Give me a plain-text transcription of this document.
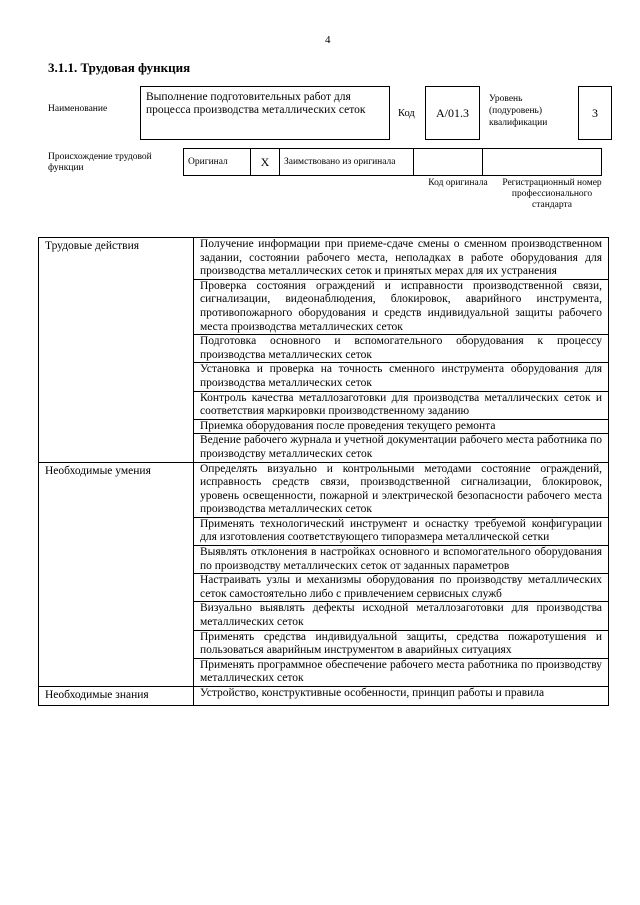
4
3.1.1. Трудовая функция
Наименование
Выполнение подготовительных работ для процесса производства металлических сеток	Код	А/01.3
Уровень (подуровень) квалификации
3
Происхождение трудовой функции
Оригинал	X	Заимствовано из оригинала		
Код оригинала	Регистрационный номер профессионального стандарта
Трудовые действия	Получение информации при приеме-сдаче смены о сменном производственном задании, состоянии рабочего места, неполадках в работе оборудования для производства металлических сеток и принятых мерах для их устранения
	Проверка состояния ограждений и исправности производственной связи, сигнализации, видеонаблюдения, блокировок, аварийного инструмента, противопожарного оборудования и средств индивидуальной защиты рабочего места производства металлических сеток
	Подготовка основного и вспомогательного оборудования к процессу производства металлических сеток
	Установка и проверка на точность сменного инструмента оборудования для производства металлических сеток
	Контроль качества металлозаготовки для производства металлических сеток и соответствия маркировки производственному заданию
	Приемка оборудования после проведения текущего ремонта
	Ведение рабочего журнала и учетной документации рабочего места работника по производству металлических сеток
Необходимые умения	Определять визуально и контрольными методами состояние ограждений, исправность средств связи, производственной сигнализации, блокировок, уровень освещенности, пожарной и электрической безопасности рабочего места производства металлических сеток
	Применять технологический инструмент и оснастку требуемой конфигурации для изготовления соответствующего типоразмера металлической сетки
	Выявлять отклонения в настройках основного и вспомогательного оборудования по производству металлических сеток от заданных параметров
	Настраивать узлы и механизмы оборудования по производству металлических сеток самостоятельно либо с привлечением сервисных служб
	Визуально выявлять дефекты исходной металлозаготовки для производства металлических сеток
	Применять средства индивидуальной защиты, средства пожаротушения и пользоваться аварийным инструментом в аварийных ситуациях
	Применять программное обеспечение рабочего места работника по производству металлических сеток
Необходимые знания	Устройство, конструктивные особенности, принцип работы и правила
